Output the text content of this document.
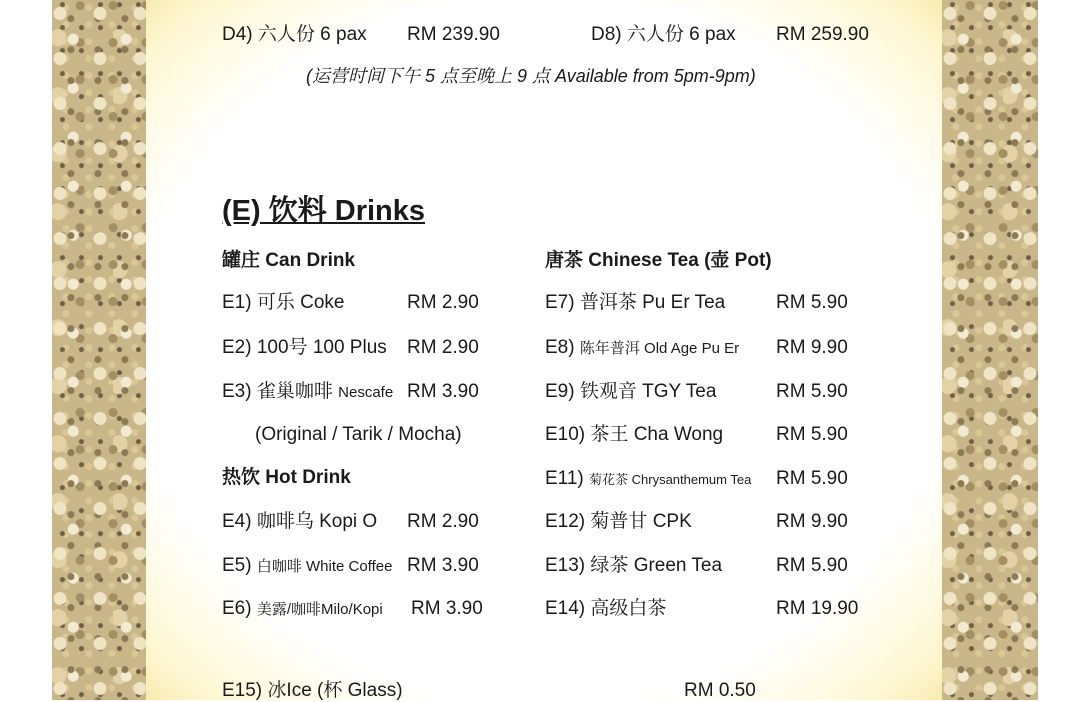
D4) 六人份 6 pax RM 239.90	D8) 六人份 6 pax RM 259.90
(运营时间下午 5 点至晚上 9 点 Available from 5pm-9pm)
(E) 饮料 Drinks
罐庄 Can Drink
E1) 可乐 Coke	RM 2.90
E2) 100号 100 Plus RM 2.90
E3) 雀巢咖啡 Nescafe RM 3.90
(Original / Tarik / Mocha)
热饮 Hot Drink
E4) 咖啡乌 Kopi O RM 2.90
E5) 白咖啡 White Coffee RM 3.90
E6) 美露/咖啡Milo/Kopi RM 3.90
唐茶 Chinese Tea (壶 Pot)
E7) 普洱茶 Pu Er Tea	RM 5.90
E8) 陈年普洱 Old Age Pu Er RM 9.90
E9) 铁观音 TGY Tea	RM 5.90
E10) 茶王 Cha Wong	RM 5.90
E11) 菊花茶 Chrysanthemum Tea RM 5.90
E12) 菊普甘 CPK	RM 9.90
E13) 绿茶 Green Tea	RM 5.90
E14) 高级白茶	RM 19.90
E15) 冰Ice (杯 Glass)	RM 0.50
